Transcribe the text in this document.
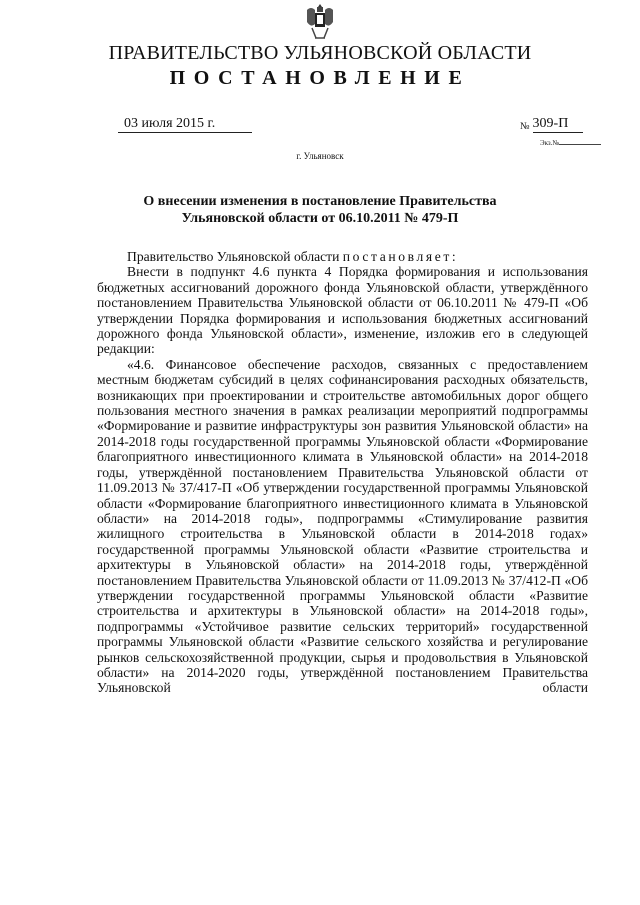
ПРАВИТЕЛЬСТВО УЛЬЯНОВСКОЙ ОБЛАСТИ
ПОСТАНОВЛЕНИЕ
03 июля 2015 г.	№ 309-П
Экз.№
г. Ульяновск
О внесении изменения в постановление Правительства
Ульяновской области от 06.10.2011 № 479-П

Правительство Ульяновской области постановляет:

Внести в подпункт 4.6 пункта 4 Порядка формирования и использования бюджетных ассигнований дорожного фонда Ульяновской области, утверждённого постановлением Правительства Ульяновской области от 06.10.2011 № 479-П «Об утверждении Порядка формирования и использования бюджетных ассигнований дорожного фонда Ульяновской области», изменение, изложив его в следующей редакции:

«4.6. Финансовое обеспечение расходов, связанных с предоставлением местным бюджетам субсидий в целях софинансирования расходных обязательств, возникающих при проектировании и строительстве автомобильных дорог общего пользования местного значения в рамках реализации мероприятий подпрограммы «Формирование и развитие инфраструктуры зон развития Ульяновской области» на 2014-2018 годы государственной программы Ульяновской области «Формирование благоприятного инвестиционного климата в Ульяновской области» на 2014-2018 годы, утверждённой постановлением Правительства Ульяновской области от 11.09.2013 № 37/417-П «Об утверждении государственной программы Ульяновской области «Формирование благоприятного инвестиционного климата в Ульяновской области» на 2014-2018 годы», подпрограммы «Стимулирование развития жилищного строительства в Ульяновской области в 2014-2018 годах» государственной программы Ульяновской области «Развитие строительства и архитектуры в Ульяновской области» на 2014-2018 годы, утверждённой постановлением Правительства Ульяновской области от 11.09.2013 № 37/412-П «Об утверждении государственной программы Ульяновской области «Развитие строительства и архитектуры в Ульяновской области» на 2014-2018 годы», подпрограммы «Устойчивое развитие сельских территорий» государственной программы Ульяновской области «Развитие сельского хозяйства и регулирование рынков сельскохозяйственной продукции, сырья и продовольствия в Ульяновской области» на 2014-2020 годы, утверждённой постановлением Правительства Ульяновской области
